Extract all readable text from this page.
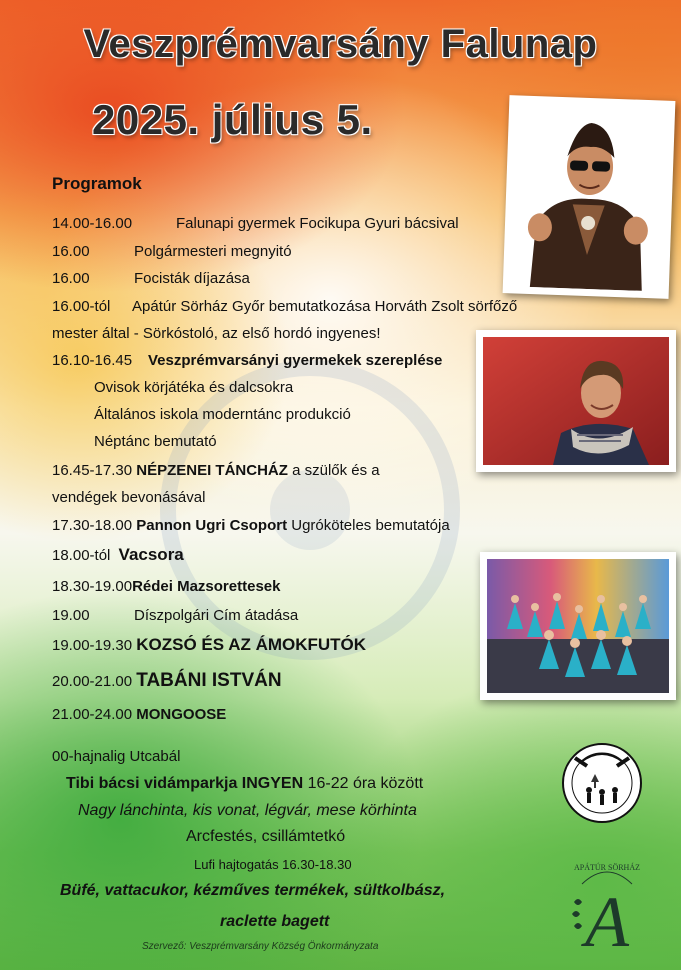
Veszprémvarsány Falunap
2025. július 5.
Programok
14.00-16.00	Falunapi gyermek Focikupa Gyuri bácsival
16.00	Polgármesteri megnyitó
16.00	Focisták díjazása
16.00-tól Apátúr Sörház Győr bemutatkozása Horváth Zsolt sörfőző
mester által - Sörkóstoló, az első hordó ingyenes!
16.10-16.45 Veszprémvarsányi gyermekek szereplése
Ovisok körjátéka és dalcsokra
Általános iskola moderntánc produkció
Néptánc bemutató
16.45-17.30 NÉPZENEI TÁNCHÁZ a szülők és a
vendégek bevonásával
17.30-18.00 Pannon Ugri Csoport Ugróköteles bemutatója
18.00-tól Vacsora
18.30-19.00Rédei Mazsorettesek
19.00	Díszpolgári Cím átadása
19.00-19.30 KOZSÓ ÉS AZ ÁMOKFUTÓK
20.00-21.00 TABÁNI ISTVÁN
21.00-24.00 MONGOOSE
00-hajnalig Utcabál
Tibi bácsi vidámparkja INGYEN 16-22 óra között
Nagy lánchinta, kis vonat, légvár, mese körhinta
Arcfestés, csillámtetkó
Lufi hajtogatás 16.30-18.30
Büfé, vattacukor, kézműves termékek, sültkolbász,
raclette bagett
Szervező: Veszprémvarsány Község Önkormányzata
APÁTÚR SÖRHÁZ
A
